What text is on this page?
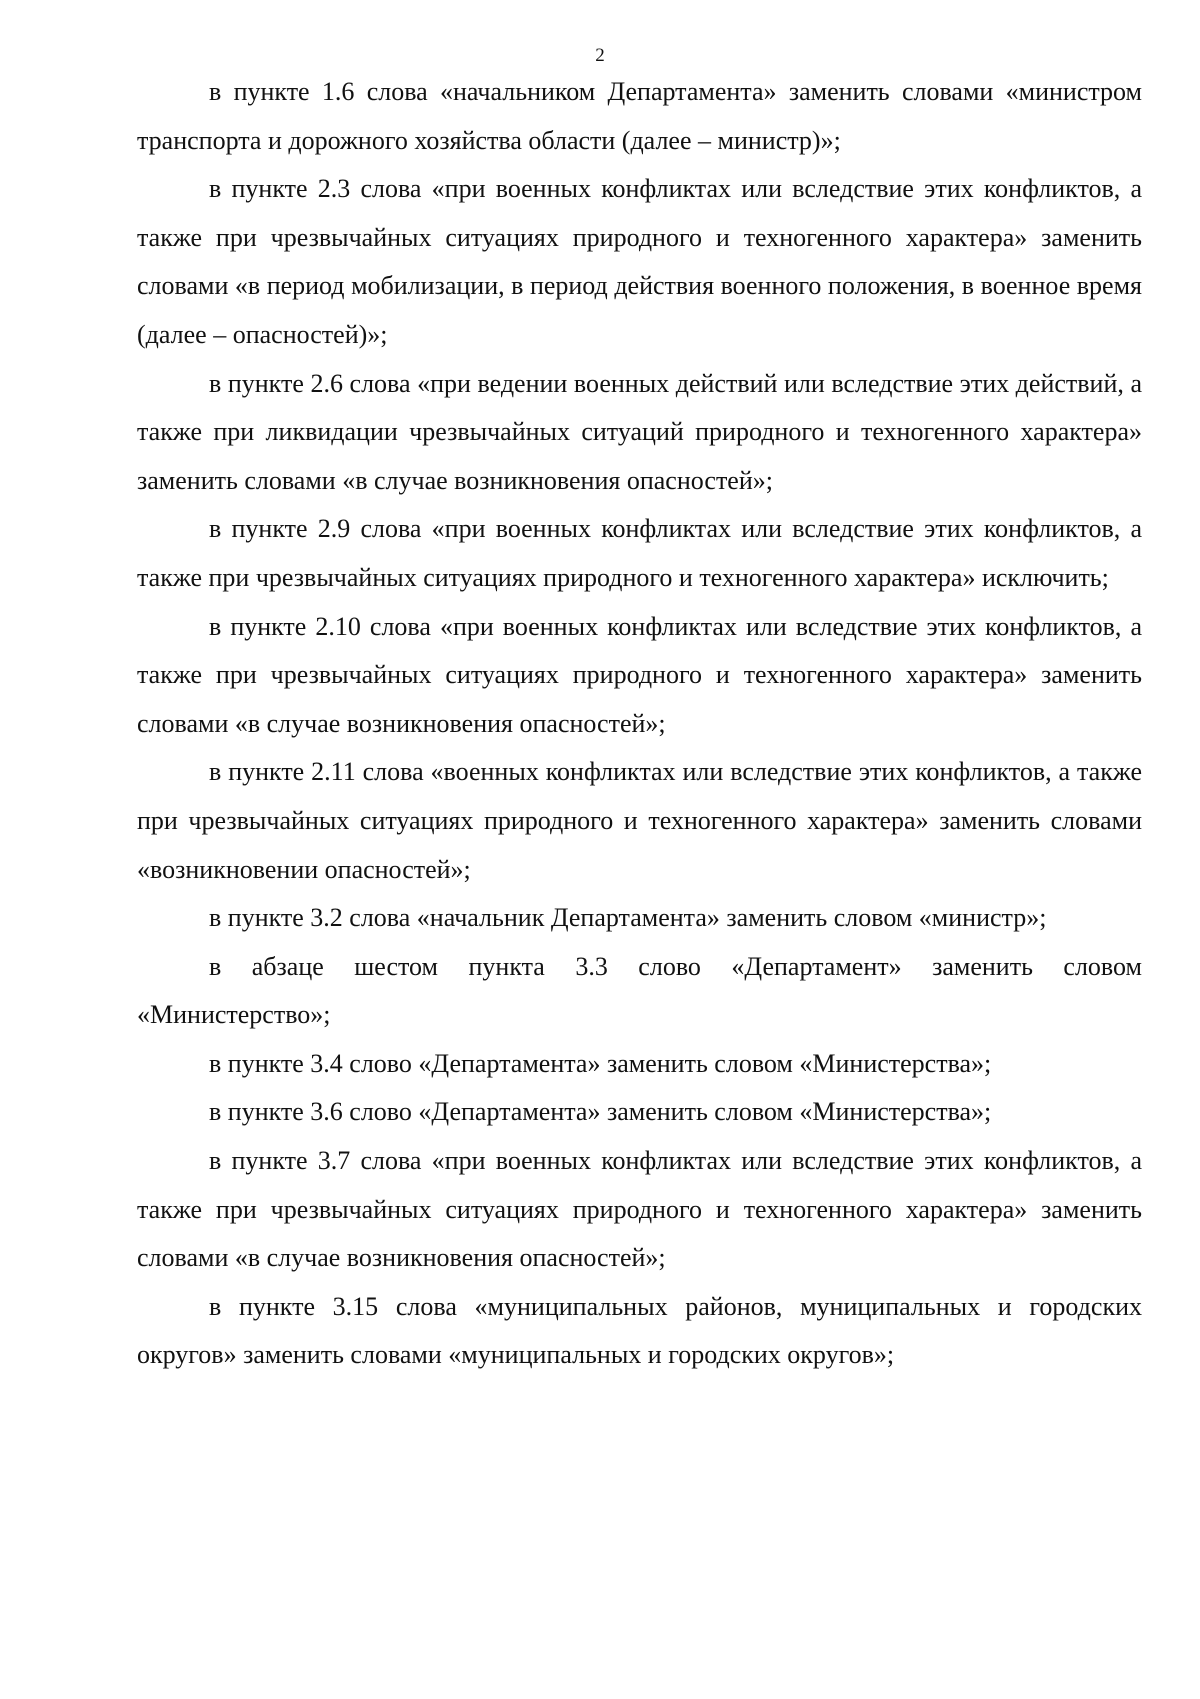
2

в пункте 1.6 слова «начальником Департамента» заменить словами «министром транспорта и дорожного хозяйства области (далее – министр)»;

в пункте 2.3 слова «при военных конфликтах или вследствие этих конфликтов, а также при чрезвычайных ситуациях природного и техногенного характера» заменить словами «в период мобилизации, в период действия военного положения, в военное время (далее – опасностей)»;

в пункте 2.6 слова «при ведении военных действий или вследствие этих действий, а также при ликвидации чрезвычайных ситуаций природного и техногенного характера» заменить словами «в случае возникновения опасностей»;

в пункте 2.9 слова «при военных конфликтах или вследствие этих конфликтов, а также при чрезвычайных ситуациях природного и техногенного характера» исключить;

в пункте 2.10 слова «при военных конфликтах или вследствие этих конфликтов, а также при чрезвычайных ситуациях природного и техногенного характера» заменить словами «в случае возникновения опасностей»;

в пункте 2.11 слова «военных конфликтах или вследствие этих конфликтов, а также при чрезвычайных ситуациях природного и техногенного характера» заменить словами «возникновении опасностей»;

в пункте 3.2 слова «начальник Департамента» заменить словом «министр»;

в абзаце шестом пункта 3.3 слово «Департамент» заменить словом «Министерство»;

в пункте 3.4 слово «Департамента» заменить словом «Министерства»;

в пункте 3.6 слово «Департамента» заменить словом «Министерства»;

в пункте 3.7 слова «при военных конфликтах или вследствие этих конфликтов, а также при чрезвычайных ситуациях природного и техногенного характера» заменить словами «в случае возникновения опасностей»;

в пункте 3.15 слова «муниципальных районов, муниципальных и городских округов» заменить словами «муниципальных и городских округов»;
